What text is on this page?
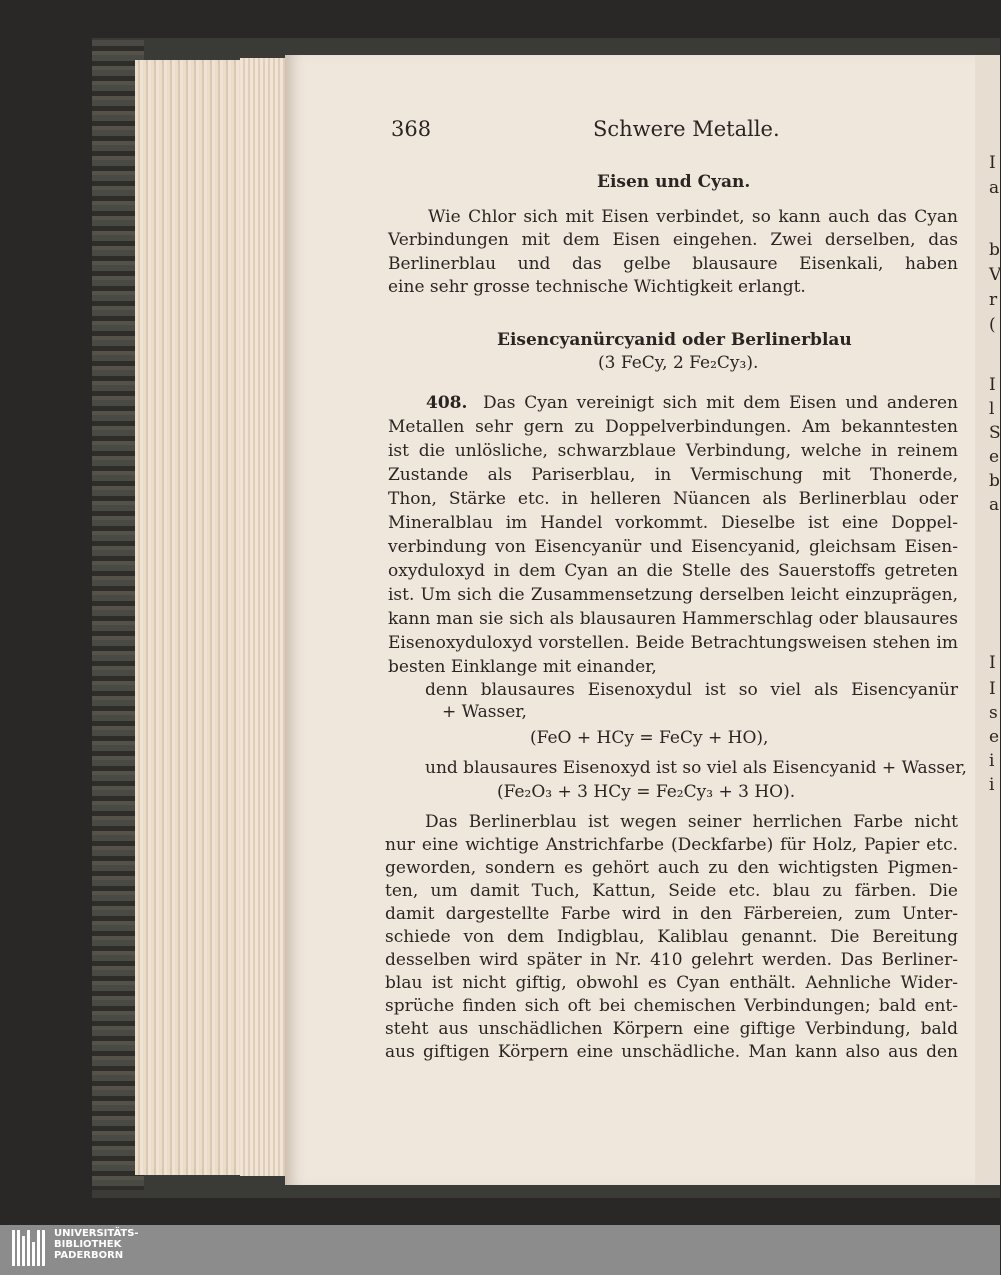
I
a
b
V
r
(
I
l
S
e
b
a
I
I
s
e
i
i
368	Schwere Metalle.
Eisen und Cyan.
Wie Chlor sich mit Eisen verbindet, so kann auch das Cyan
Verbindungen mit dem Eisen eingehen. Zwei derselben, das
Berlinerblau und das gelbe blausaure Eisenkali, haben
eine sehr grosse technische Wichtigkeit erlangt.
Eisencyanürcyanid oder Berlinerblau
(3 FeCy, 2 Fe₂Cy₃).
408. Das Cyan vereinigt sich mit dem Eisen und anderen
Metallen sehr gern zu Doppelverbindungen. Am bekanntesten
ist die unlösliche, schwarzblaue Verbindung, welche in reinem
Zustande als Pariserblau, in Vermischung mit Thonerde,
Thon, Stärke etc. in helleren Nüancen als Berlinerblau oder
Mineralblau im Handel vorkommt. Dieselbe ist eine Doppel-
verbindung von Eisencyanür und Eisencyanid, gleichsam Eisen-
oxyduloxyd in dem Cyan an die Stelle des Sauerstoffs getreten
ist. Um sich die Zusammensetzung derselben leicht einzuprägen,
kann man sie sich als blausauren Hammerschlag oder blausaures
Eisenoxyduloxyd vorstellen. Beide Betrachtungsweisen stehen im
besten Einklange mit einander,
denn blausaures Eisenoxydul ist so viel als Eisencyanür
+ Wasser,
(FeO + HCy = FeCy + HO),
und blausaures Eisenoxyd ist so viel als Eisencyanid + Wasser,
(Fe₂O₃ + 3 HCy = Fe₂Cy₃ + 3 HO).
Das Berlinerblau ist wegen seiner herrlichen Farbe nicht
nur eine wichtige Anstrichfarbe (Deckfarbe) für Holz, Papier etc.
geworden, sondern es gehört auch zu den wichtigsten Pigmen-
ten, um damit Tuch, Kattun, Seide etc. blau zu färben. Die
damit dargestellte Farbe wird in den Färbereien, zum Unter-
schiede von dem Indigblau, Kaliblau genannt. Die Bereitung
desselben wird später in Nr. 410 gelehrt werden. Das Berliner-
blau ist nicht giftig, obwohl es Cyan enthält. Aehnliche Wider-
sprüche finden sich oft bei chemischen Verbindungen; bald ent-
steht aus unschädlichen Körpern eine giftige Verbindung, bald
aus giftigen Körpern eine unschädliche. Man kann also aus den
UNIVERSITÄTS-
BIBLIOTHEK
PADERBORN
